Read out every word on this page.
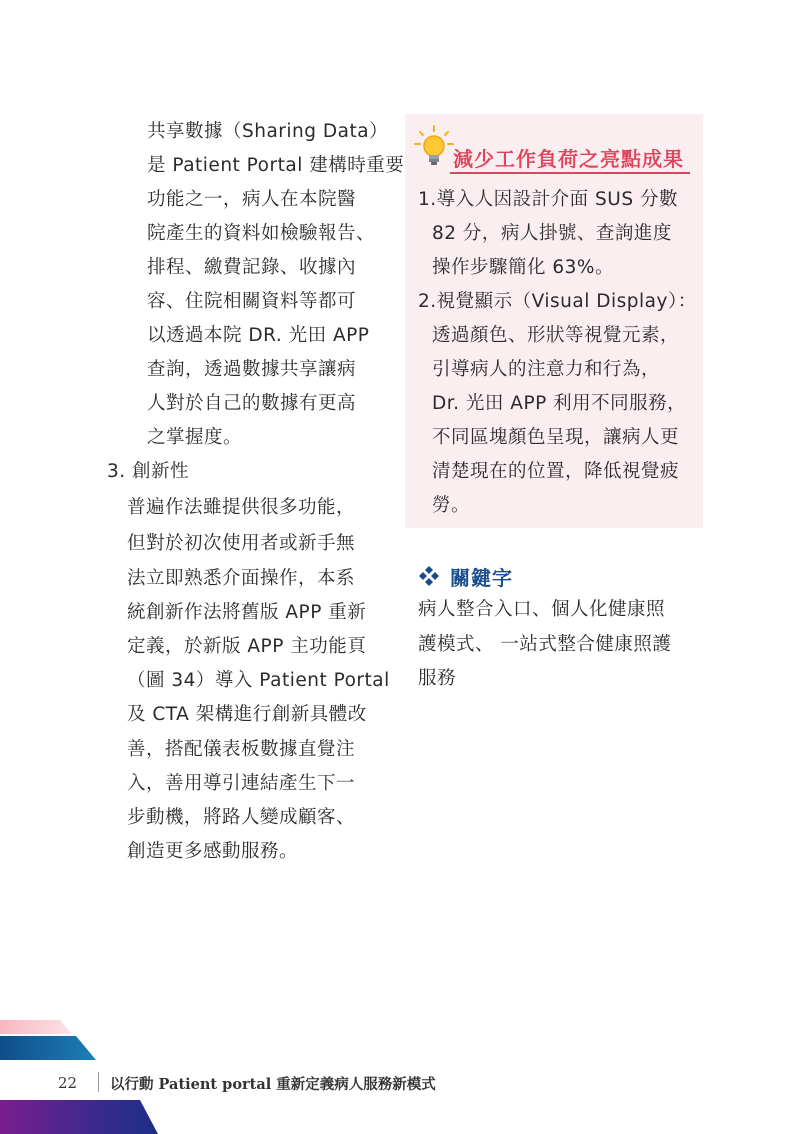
共享數據（Sharing Data）
是 Patient Portal 建構時重要
功能之一，病人在本院醫
院產生的資料如檢驗報告、
排程、繳費記錄、收據內
容、住院相關資料等都可
以透過本院 DR. 光田 APP
查詢，透過數據共享讓病
人對於自己的數據有更高
之掌握度。
3. 創新性
普遍作法雖提供很多功能，
但對於初次使用者或新手無
法立即熟悉介面操作，本系
統創新作法將舊版 APP 重新
定義，於新版 APP 主功能頁
（圖 34）導入 Patient Portal
及 CTA 架構進行創新具體改
善，搭配儀表板數據直覺注
入，善用導引連結產生下一
步動機，將路人變成顧客、
創造更多感動服務。
減少工作負荷之亮點成果
1.導入人因設計介面 SUS 分數
82 分，病人掛號、查詢進度
操作步驟簡化 63%。
2.視覺顯示（Visual Display）：
透過顏色、形狀等視覺元素，
引導病人的注意力和行為，
Dr. 光田 APP 利用不同服務，
不同區塊顏色呈現，讓病人更
清楚現在的位置，降低視覺疲
勞。
關鍵字
病人整合入口、個人化健康照
護模式、 一站式整合健康照護
服務
22 以行動 Patient portal 重新定義病人服務新模式
